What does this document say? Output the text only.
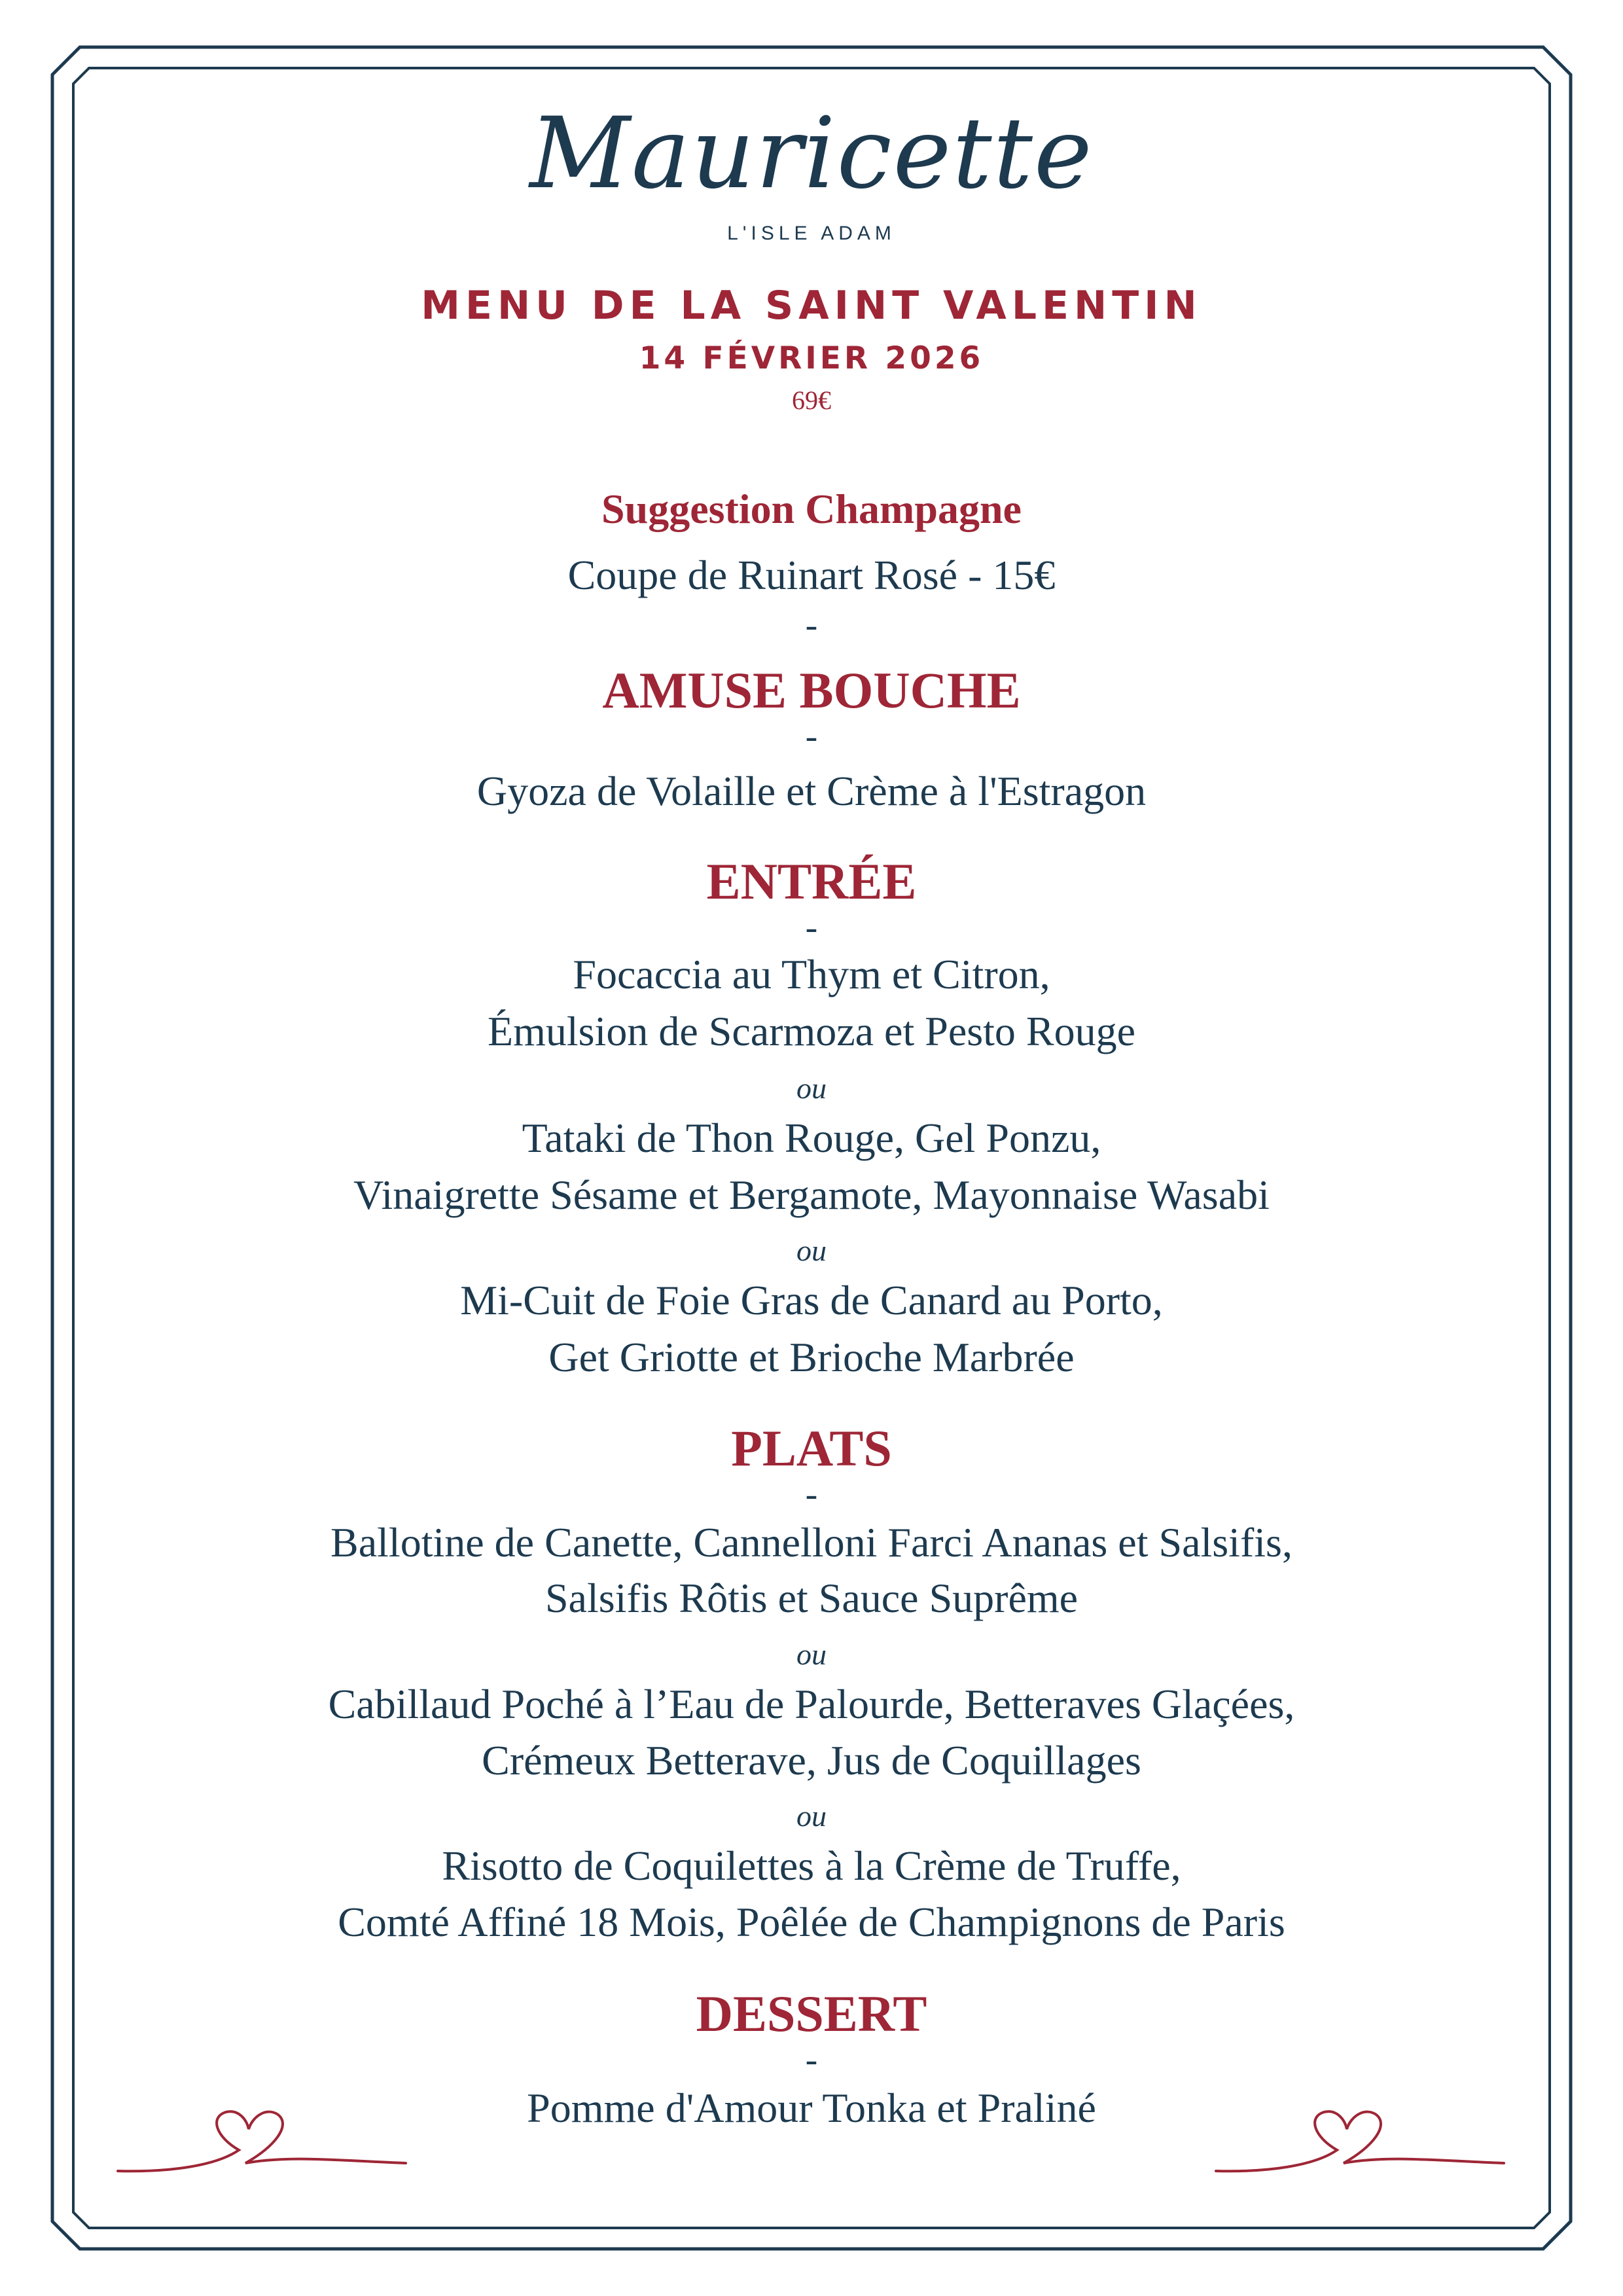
Mauricette
L'ISLE ADAM
MENU DE LA SAINT VALENTIN
14 FÉVRIER 2026
69€
Suggestion Champagne
Coupe de Ruinart Rosé - 15€
-
AMUSE BOUCHE
-
Gyoza de Volaille et Crème à l'Estragon
ENTRÉE
-
Focaccia au Thym et Citron,
Émulsion de Scarmoza et Pesto Rouge
ou
Tataki de Thon Rouge, Gel Ponzu,
Vinaigrette Sésame et Bergamote, Mayonnaise Wasabi
ou
Mi-Cuit de Foie Gras de Canard au Porto,
Get Griotte et Brioche Marbrée
PLATS
-
Ballotine de Canette, Cannelloni Farci Ananas et Salsifis,
Salsifis Rôtis et Sauce Suprême
ou
Cabillaud Poché à l’Eau de Palourde, Betteraves Glaçées,
Crémeux Betterave, Jus de Coquillages
ou
Risotto de Coquilettes à la Crème de Truffe,
Comté Affiné 18 Mois, Poêlée de Champignons de Paris
DESSERT
-
Pomme d'Amour Tonka et Praliné
